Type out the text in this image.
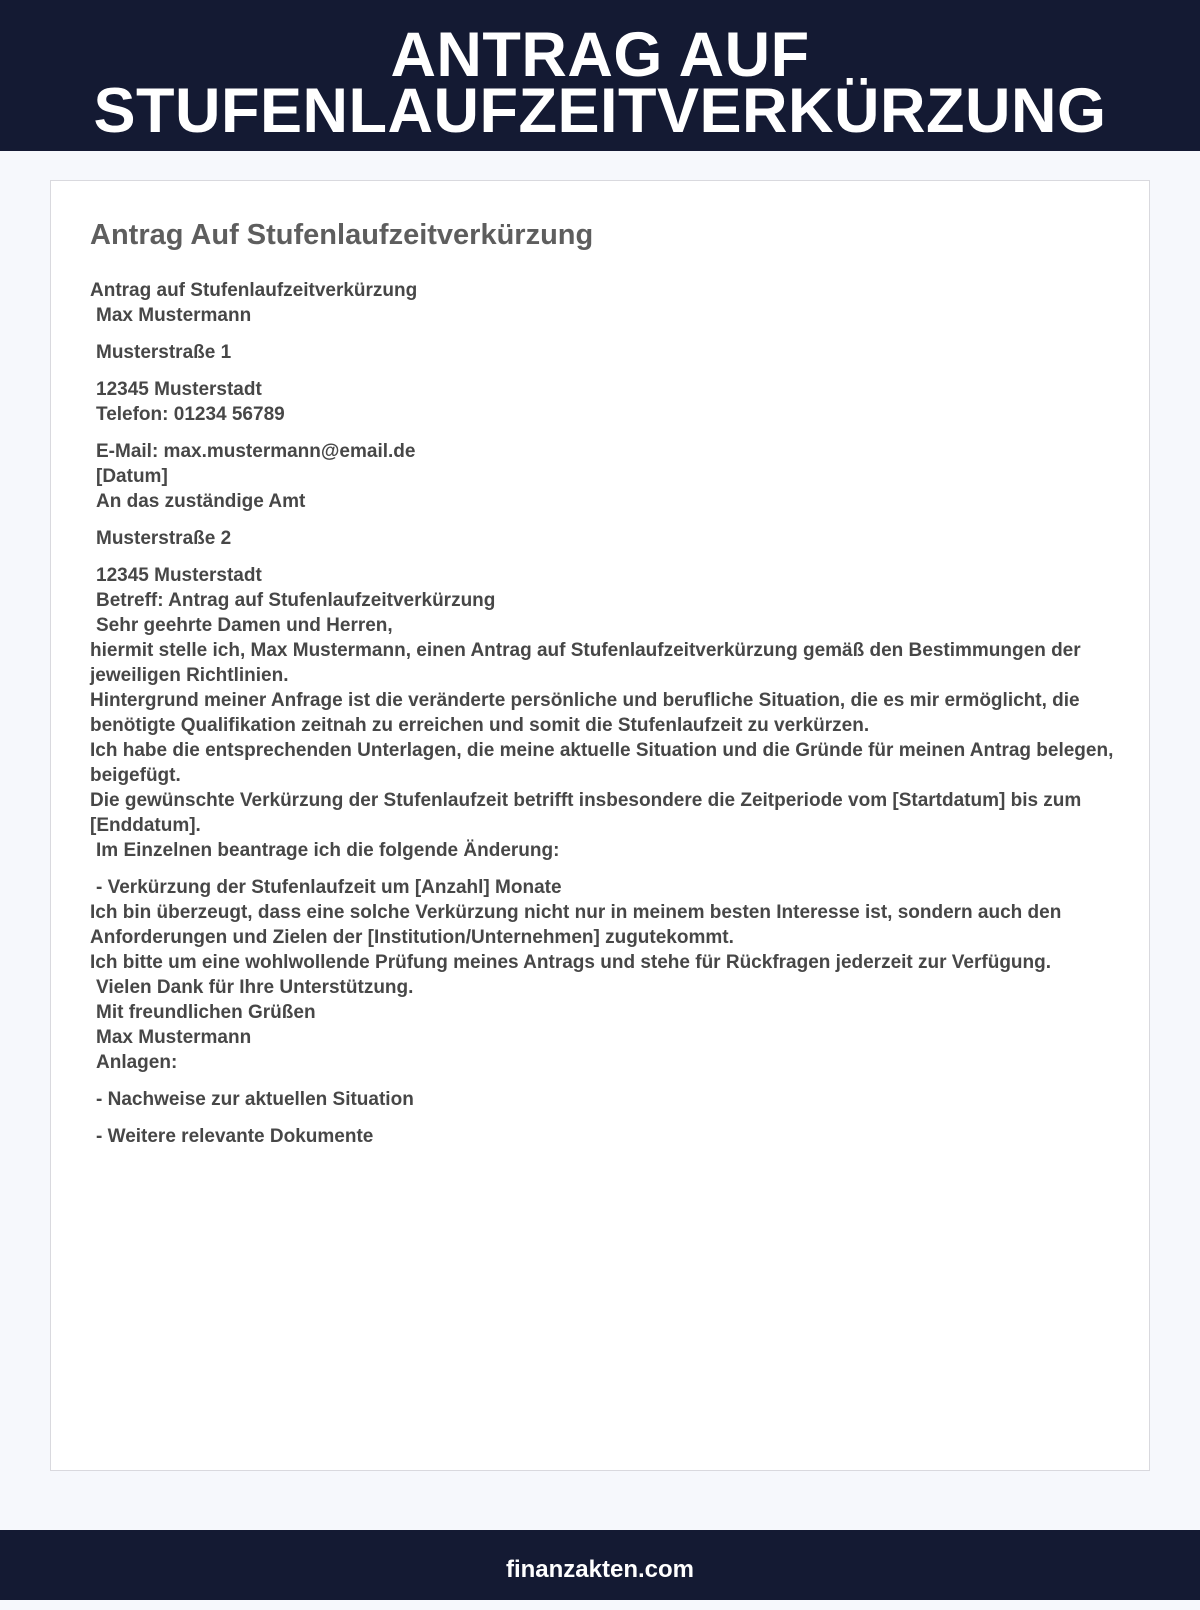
ANTRAG AUF
STUFENLAUFZEITVERKÜRZUNG
Antrag Auf Stufenlaufzeitverkürzung
Antrag auf Stufenlaufzeitverkürzung
Max Mustermann
Musterstraße 1
12345 Musterstadt
Telefon: 01234 56789
E-Mail: max.mustermann@email.de
[Datum]
An das zuständige Amt
Musterstraße 2
12345 Musterstadt
Betreff: Antrag auf Stufenlaufzeitverkürzung
Sehr geehrte Damen und Herren,
hiermit stelle ich, Max Mustermann, einen Antrag auf Stufenlaufzeitverkürzung gemäß den Bestimmungen der jeweiligen Richtlinien.
Hintergrund meiner Anfrage ist die veränderte persönliche und berufliche Situation, die es mir ermöglicht, die benötigte Qualifikation zeitnah zu erreichen und somit die Stufenlaufzeit zu verkürzen.
Ich habe die entsprechenden Unterlagen, die meine aktuelle Situation und die Gründe für meinen Antrag belegen, beigefügt.
Die gewünschte Verkürzung der Stufenlaufzeit betrifft insbesondere die Zeitperiode vom [Startdatum] bis zum [Enddatum].
Im Einzelnen beantrage ich die folgende Änderung:
- Verkürzung der Stufenlaufzeit um [Anzahl] Monate
Ich bin überzeugt, dass eine solche Verkürzung nicht nur in meinem besten Interesse ist, sondern auch den Anforderungen und Zielen der [Institution/Unternehmen] zugutekommt.
Ich bitte um eine wohlwollende Prüfung meines Antrags und stehe für Rückfragen jederzeit zur Verfügung.
Vielen Dank für Ihre Unterstützung.
Mit freundlichen Grüßen
Max Mustermann
Anlagen:
- Nachweise zur aktuellen Situation
- Weitere relevante Dokumente
finanzakten.com
